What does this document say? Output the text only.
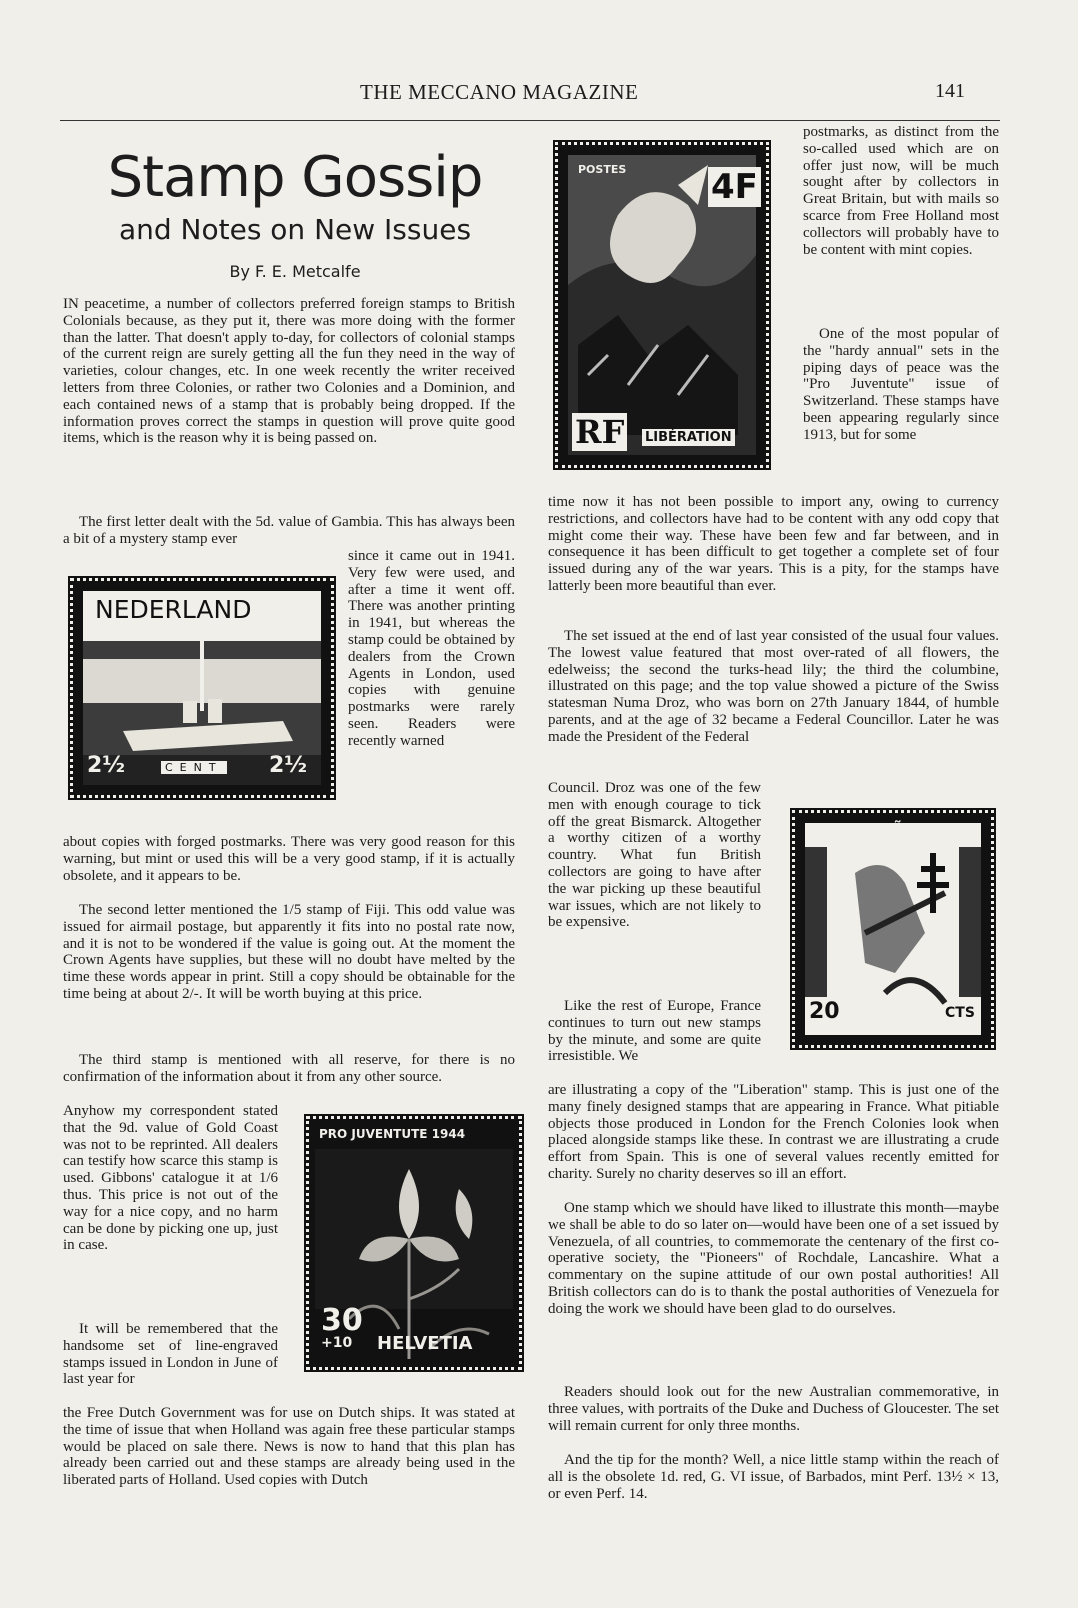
THE MECCANO MAGAZINE	141
Stamp Gossip
and Notes on New Issues
By F. E. Metcalfe

IN peacetime, a number of collectors preferred foreign stamps to British Colonials because, as they put it, there was more doing with the former than the latter. That doesn't apply to-day, for collectors of colonial stamps of the current reign are surely getting all the fun they need in the way of varieties, colour changes, etc. In one week recently the writer received letters from three Colonies, or rather two Colonies and a Dominion, and each contained news of a stamp that is probably being dropped. If the information proves correct the stamps in question will prove quite good items, which is the reason why it is being passed on.

The first letter dealt with the 5d. value of Gambia. This has always been a bit of a mystery stamp ever

since it came out in 1941. Very few were used, and after a time it went off. There was another printing in 1941, but whereas the stamp could be obtained by dealers from the Crown Agents in London, used copies with genuine postmarks were rarely seen. Readers were recently warned

about copies with forged postmarks. There was very good reason for this warning, but mint or used this will be a very good stamp, if it is actually obsolete, and it appears to be.

The second letter mentioned the 1/5 stamp of Fiji. This odd value was issued for airmail postage, but apparently it fits into no postal rate now, and it is not to be wondered if the value is going out. At the moment the Crown Agents have supplies, but these will no doubt have melted by the time these words appear in print. Still a copy should be obtainable for the time being at about 2/-. It will be worth buying at this price.

The third stamp is mentioned with all reserve, for there is no confirmation of the information about it from any other source.

Anyhow my correspondent stated that the 9d. value of Gold Coast was not to be reprinted. All dealers can testify how scarce this stamp is used. Gibbons' catalogue it at 1/6 thus. This price is not out of the way for a nice copy, and no harm can be done by picking one up, just in case.

It will be remembered that the handsome set of line-engraved stamps issued in London in June of last year for

the Free Dutch Government was for use on Dutch ships. It was stated at the time of issue that when Holland was again free these particular stamps would be placed on sale there. News is now to hand that this plan has already been carried out and these stamps are already being used in the liberated parts of Holland. Used copies with Dutch

postmarks, as distinct from the so-called used which are on offer just now, will be much sought after by collectors in Great Britain, but with mails so scarce from Free Holland most collectors will probably have to be content with mint copies.

One of the most popular of the "hardy annual" sets in the piping days of peace was the "Pro Juventute" issue of Switzerland. These stamps have been appearing regularly since 1913, but for some

time now it has not been possible to import any, owing to currency restrictions, and collectors have had to be content with any odd copy that might come their way. These have been few and far between, and in consequence it has been difficult to get together a complete set of four issued during any of the war years. This is a pity, for the stamps have latterly been more beautiful than ever.

The set issued at the end of last year consisted of the usual four values. The lowest value featured that most over-rated of all flowers, the edelweiss; the second the turks-head lily; the third the columbine, illustrated on this page; and the top value showed a picture of the Swiss statesman Numa Droz, who was born on 27th January 1844, of humble parents, and at the age of 32 became a Federal Councillor. Later he was made the President of the Federal

Council. Droz was one of the few men with enough courage to tick off the great Bismarck. Altogether a worthy citizen of a worthy country. What fun British collectors are going to have after the war picking up these beautiful war issues, which are not likely to be expensive.

Like the rest of Europe, France continues to turn out new stamps by the minute, and some are quite irresistible. We

are illustrating a copy of the "Liberation" stamp. This is just one of the many finely designed stamps that are appearing in France. What pitiable objects those produced in London for the French Colonies look when placed alongside stamps like these. In contrast we are illustrating a crude effort from Spain. This is one of several values recently emitted for charity. Surely no charity deserves so ill an effort.

One stamp which we should have liked to illustrate this month—maybe we shall be able to do so later on—would have been one of a set issued by Venezuela, of all countries, to commemorate the centenary of the first co-operative society, the "Pioneers" of Rochdale, Lancashire. What a commentary on the supine attitude of our own postal authorities! All British collectors can do is to thank the postal authorities of Venezuela for doing the work we should have been glad to do ourselves.

Readers should look out for the new Australian commemorative, in three values, with portraits of the Duke and Duchess of Gloucester. The set will remain current for only three months.

And the tip for the month? Well, a nice little stamp within the reach of all is the obsolete 1d. red, G. VI issue, of Barbados, mint Perf. 13½ × 13, or even Perf. 14.

POSTES 4F
RF LIBÉRATION
NEDERLAND
2½	CENT 2½
1940 ESPAÑA	1945
20 CORREOS CTS
PRO JUVENTUTE 1944
30
+10 HELVETIA
